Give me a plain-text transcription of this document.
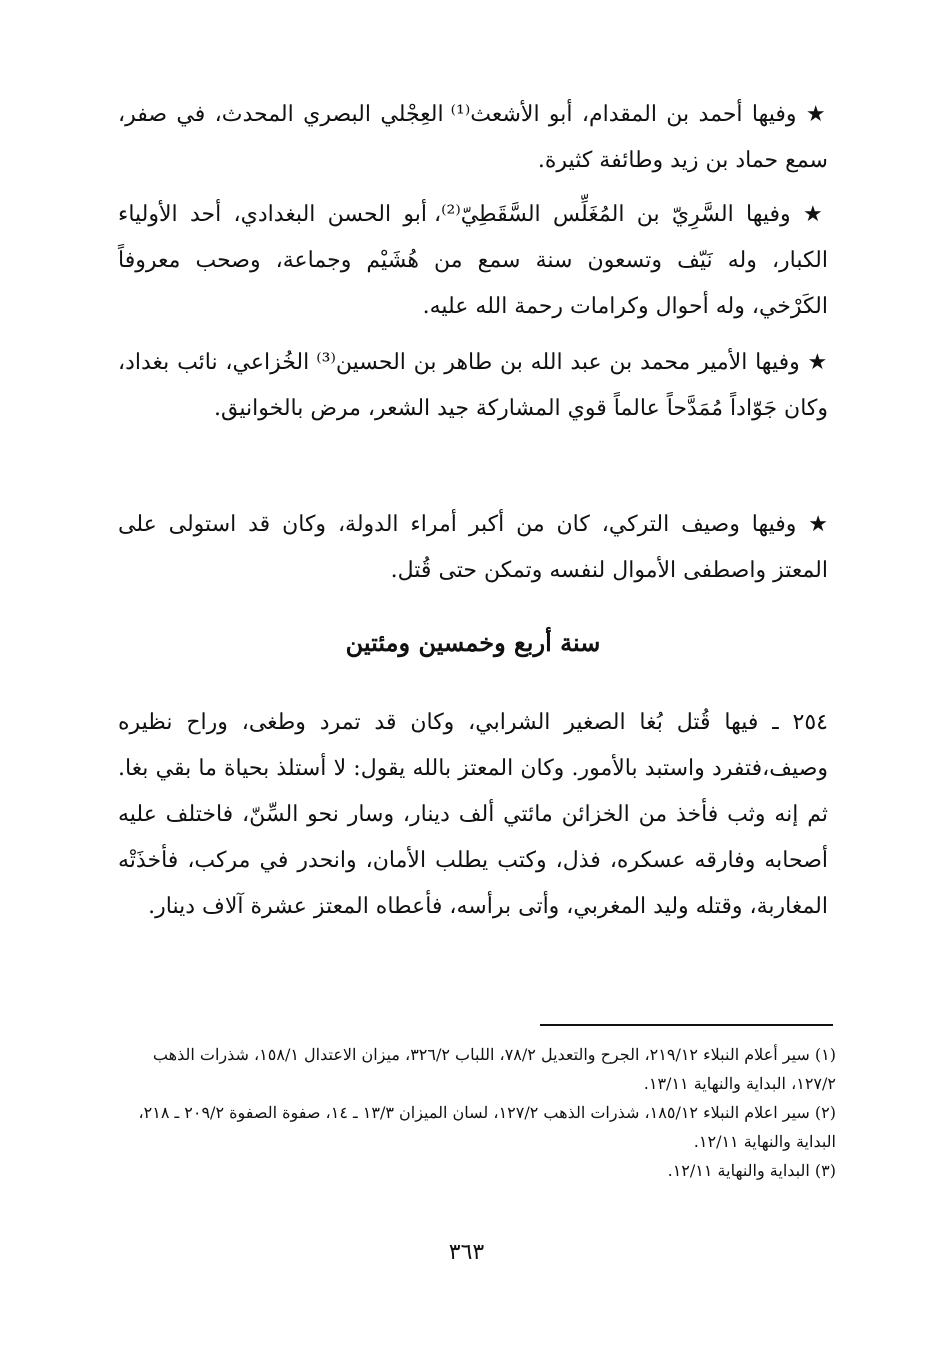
★ وفيها أحمد بن المقدام، أبو الأشعث⁽¹⁾ العِجْلي البصري المحدث، في صفر، سمع حماد بن زيد وطائفة كثيرة.

★ وفيها السَّرِيّ بن المُغَلِّس السَّقَطِيّ⁽²⁾، أبو الحسن البغدادي، أحد الأولياء الكبار، وله نَيّف وتسعون سنة سمع من هُشَيْم وجماعة، وصحب معروفاً الكَرْخي، وله أحوال وكرامات رحمة الله عليه.

★ وفيها الأمير محمد بن عبد الله بن طاهر بن الحسين⁽³⁾ الخُزاعي، نائب بغداد، وكان جَوّاداً مُمَدَّحاً عالماً قوي المشاركة جيد الشعر، مرض بالخوانيق.

★ وفيها وصيف التركي، كان من أكبر أمراء الدولة، وكان قد استولى على المعتز واصطفى الأموال لنفسه وتمكن حتى قُتل.

سنة أربع وخمسين ومئتين

٢٥٤ ـ فيها قُتل بُغا الصغير الشرابي، وكان قد تمرد وطغى، وراح نظيره وصيف،فتفرد واستبد بالأمور. وكان المعتز بالله يقول: لا أستلذ بحياة ما بقي بغا. ثم إنه وثب فأخذ من الخزائن مائتي ألف دينار، وسار نحو السِّنّ، فاختلف عليه أصحابه وفارقه عسكره، فذل، وكتب يطلب الأمان، وانحدر في مركب، فأخذَتْه المغاربة، وقتله وليد المغربي، وأتى برأسه، فأعطاه المعتز عشرة آلاف دينار.

(١) سير أعلام النبلاء ٢١٩/١٢، الجرح والتعديل ٧٨/٢، اللباب ٣٢٦/٢، ميزان الاعتدال ١٥٨/١، شذرات الذهب ١٢٧/٢، البداية والنهاية ١٣/١١.
(٢) سير اعلام النبلاء ١٨٥/١٢، شذرات الذهب ١٢٧/٢، لسان الميزان ١٣/٣ ـ ١٤، صفوة الصفوة ٢٠٩/٢ ـ ٢١٨، البداية والنهاية ١٢/١١.
(٣) البداية والنهاية ١٢/١١.
٣٦٣
